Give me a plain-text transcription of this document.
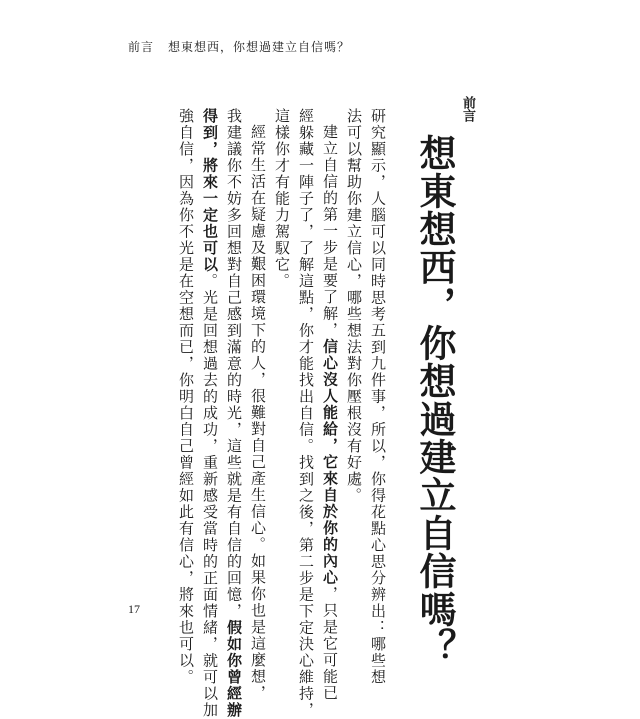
前言 想東想西，你想過建立自信嗎？
前言
想東想西，你想過建立自信嗎？
研究顯示，人腦可以同時思考五到九件事，所以，你得花點心思分辨出：哪些想
法可以幫助你建立信心，哪些想法對你壓根沒有好處。
建立自信的第一步是要了解，信心沒人能給，它來自於你的內心，只是它可能已
經躲藏一陣子了，了解這點，你才能找出自信。找到之後，第二步是下定決心維持，
這樣你才有能力駕馭它。
經常生活在疑慮及艱困環境下的人，很難對自己產生信心。如果你也是這麼想，
我建議你不妨多回想對自己感到滿意的時光，這些就是有自信的回憶，假如你曾經辦
得到，將來一定也可以。光是回想過去的成功，重新感受當時的正面情緒，就可以加
強自信，因為你不光是在空想而已，你明白自己曾經如此有信心，將來也可以。
17
